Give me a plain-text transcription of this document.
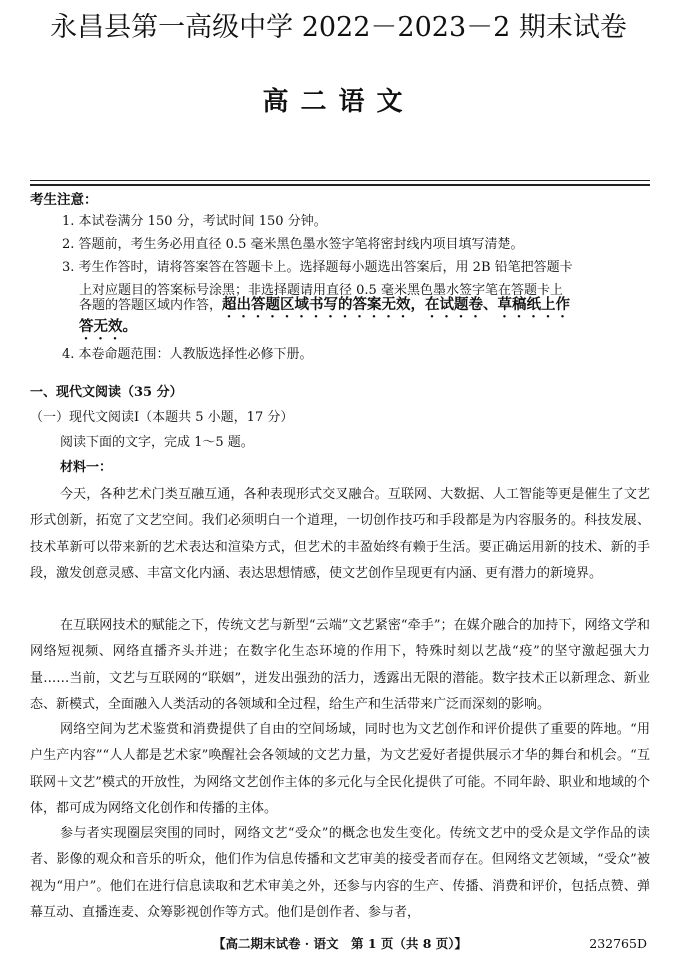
永昌县第一高级中学 2022－2023－2 期末试卷
高二语文
考生注意：
1. 本试卷满分 150 分，考试时间 150 分钟。
2. 答题前，考生务必用直径 0.5 毫米黑色墨水签字笔将密封线内项目填写清楚。
3. 考生作答时，请将答案答在答题卡上。选择题每小题选出答案后，用 2B 铅笔把答题卡
上对应题目的答案标号涂黑；非选择题请用直径 0.5 毫米黑色墨水签字笔在答题卡上
各题的答题区域内作答，超出答题区域书写的答案无效，在试题卷、草稿纸上作
答无效。
4. 本卷命题范围：人教版选择性必修下册。
一、现代文阅读（35 分）
（一）现代文阅读Ⅰ（本题共 5 小题，17 分）
阅读下面的文字，完成 1～5 题。
材料一：
今天，各种艺术门类互融互通，各种表现形式交叉融合。互联网、大数据、人工智能等更是催生了文艺形式创新，拓宽了文艺空间。我们必须明白一个道理，一切创作技巧和手段都是为内容服务的。科技发展、技术革新可以带来新的艺术表达和渲染方式，但艺术的丰盈始终有赖于生活。要正确运用新的技术、新的手段，激发创意灵感、丰富文化内涵、表达思想情感，使文艺创作呈现更有内涵、更有潜力的新境界。
在互联网技术的赋能之下，传统文艺与新型“云端”文艺紧密“牵手”；在媒介融合的加持下，网络文学和网络短视频、网络直播齐头并进；在数字化生态环境的作用下，特殊时刻以艺战“疫”的坚守激起强大力量……当前，文艺与互联网的“联姻”，迸发出强劲的活力，透露出无限的潜能。数字技术正以新理念、新业态、新模式，全面融入人类活动的各领域和全过程，给生产和生活带来广泛而深刻的影响。
网络空间为艺术鉴赏和消费提供了自由的空间场域，同时也为文艺创作和评价提供了重要的阵地。“用户生产内容”“人人都是艺术家”唤醒社会各领域的文艺力量，为文艺爱好者提供展示才华的舞台和机会。“互联网＋文艺”模式的开放性，为网络文艺创作主体的多元化与全民化提供了可能。不同年龄、职业和地域的个体，都可成为网络文化创作和传播的主体。
参与者实现圈层突围的同时，网络文艺“受众”的概念也发生变化。传统文艺中的受众是文学作品的读者、影像的观众和音乐的听众，他们作为信息传播和文艺审美的接受者而存在。但网络文艺领域，“受众”被视为“用户”。他们在进行信息读取和艺术审美之外，还参与内容的生产、传播、消费和评价，包括点赞、弹幕互动、直播连麦、众筹影视创作等方式。他们是创作者、参与者，
【高二期末试卷 · 语文　第 1 页（共 8 页）】	232765D
